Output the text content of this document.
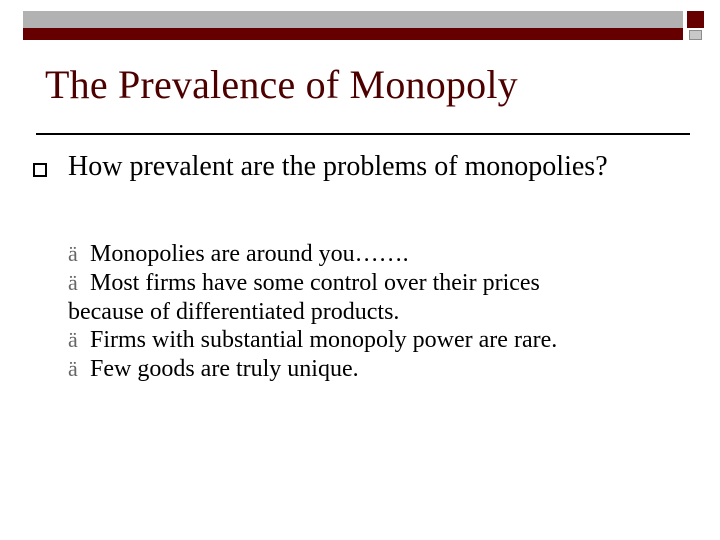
The Prevalence of Monopoly
How prevalent are the problems of monopolies?
ä Monopolies are around you…….
ä Most firms have some control over their prices
because of differentiated products.
ä Firms with substantial monopoly power are rare.
ä Few goods are truly unique.
